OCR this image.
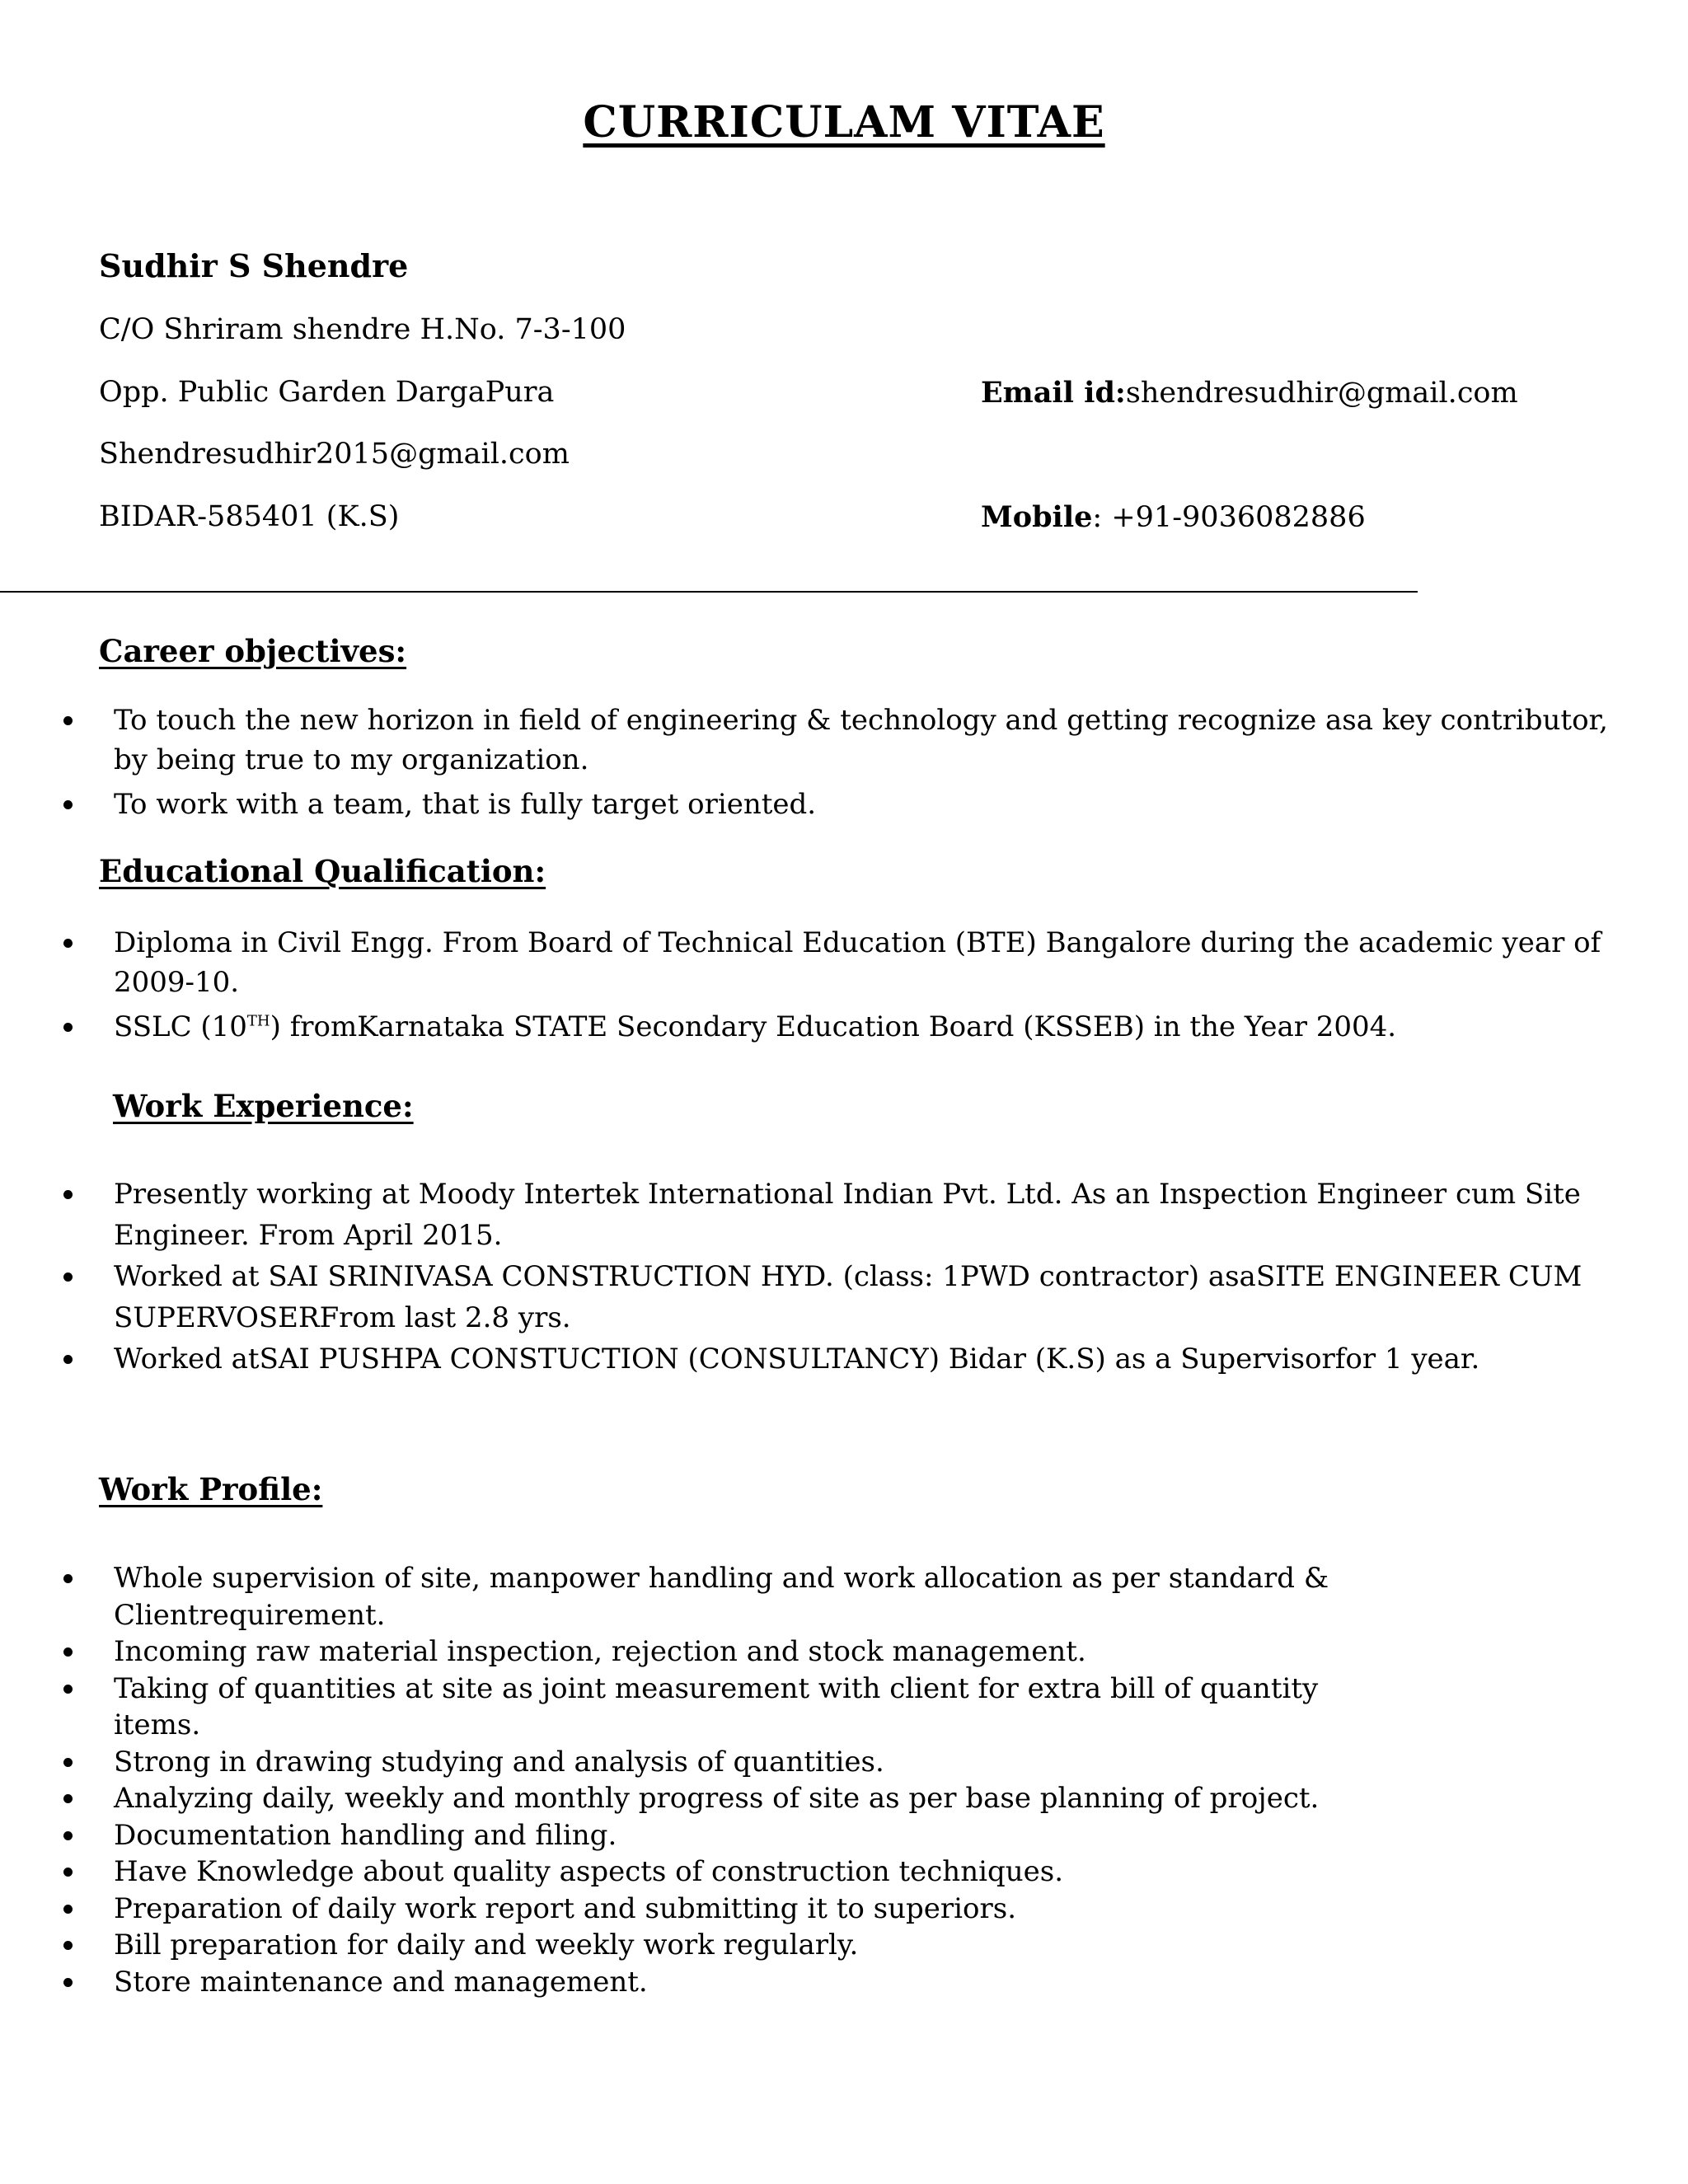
CURRICULAM VITAE
Sudhir S Shendre
C/O Shriram shendre H.No. 7-3-100
Opp. Public Garden DargaPura
Shendresudhir2015@gmail.com
BIDAR-585401 (K.S)
Email id:shendresudhir@gmail.com
Mobile: +91-9036082886
Career objectives:
To touch the new horizon in field of engineering & technology and getting recognize asa key contributor, by being true to my organization.
To work with a team, that is fully target oriented.
Educational Qualification:
Diploma in Civil Engg. From Board of Technical Education (BTE) Bangalore during the academic year of 2009-10.
SSLC (10TH) fromKarnataka STATE Secondary Education Board (KSSEB) in the Year 2004.
Work Experience:
Presently working at Moody Intertek International Indian Pvt. Ltd. As an Inspection Engineer cum Site Engineer. From April 2015.
Worked at SAI SRINIVASA CONSTRUCTION HYD. (class: 1PWD contractor) asaSITE ENGINEER CUM SUPERVOSERFrom last 2.8 yrs.
Worked atSAI PUSHPA CONSTUCTION (CONSULTANCY) Bidar (K.S) as a Supervisorfor 1 year.
Work Profile:
Whole supervision of site, manpower handling and work allocation as per standard & Clientrequirement.
Incoming raw material inspection, rejection and stock management.
Taking of quantities at site as joint measurement with client for extra bill of quantity items.
Strong in drawing studying and analysis of quantities.
Analyzing daily, weekly and monthly progress of site as per base planning of project.
Documentation handling and filing.
Have Knowledge about quality aspects of construction techniques.
Preparation of daily work report and submitting it to superiors.
Bill preparation for daily and weekly work regularly.
Store maintenance and management.
